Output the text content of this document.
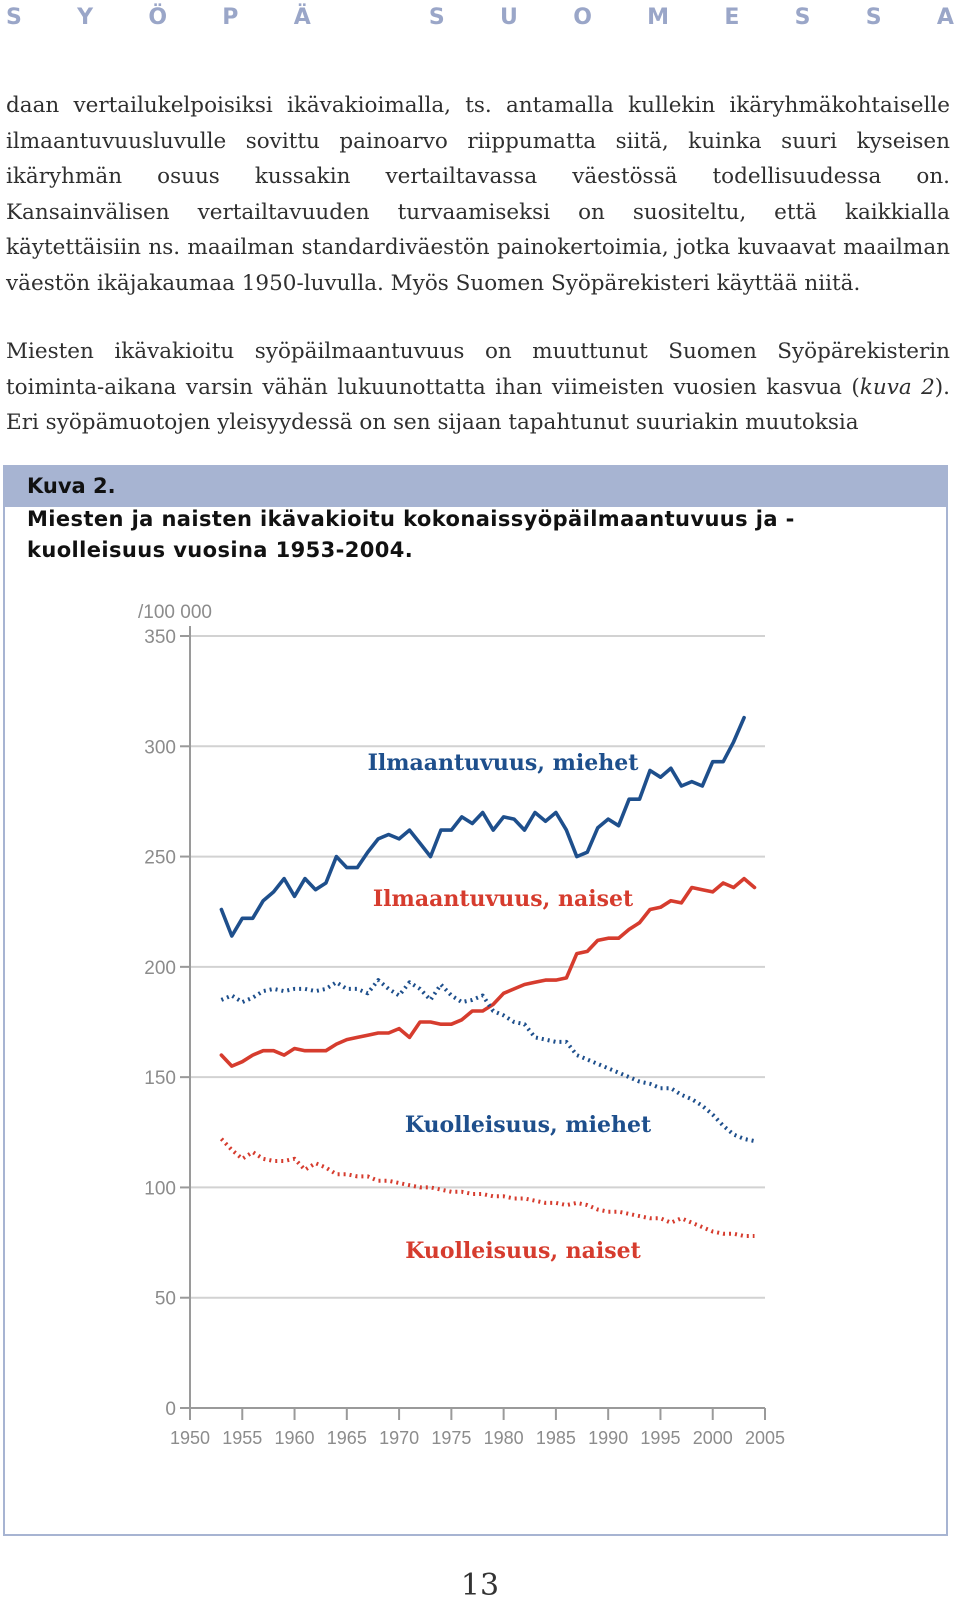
S	Y	Ö	P	Ä
	S	U	O	M	E	S	S	A

daan vertailukelpoisiksi ikävakioimalla, ts. antamalla kullekin ikäryhmäkohtaiselle ilmaantuvuusluvulle sovittu painoarvo riippumatta siitä, kuinka suuri kyseisen ikäryhmän osuus kussakin vertailtavassa väestössä todellisuudessa on. Kansainvälisen vertailtavuuden turvaamiseksi on suositeltu, että kaikkialla käytettäisiin ns. maailman standardiväestön painokertoimia, jotka kuvaavat maailman väestön ikäjakaumaa 1950-luvulla. Myös Suomen Syöpärekisteri käyttää niitä.

Miesten ikävakioitu syöpäilmaantuvuus on muuttunut Suomen Syöpärekisterin toiminta-aikana varsin vähän lukuunottatta ihan viimeisten vuosien kasvua (kuva 2). Eri syöpämuotojen yleisyydessä on sen sijaan tapahtunut suuriakin muutoksia

Kuva 2.
Miesten ja naisten ikävakioitu kokonaissyöpäilmaantuvuus ja -kuolleisuus vuosina 1953-2004.
0
50
100
150
200
250
300
350
/100 000
1950 1955 1960 1965 1970 1975 1980 1985 1990 1995 2000 2005
Ilmaantuvuus, miehet
Ilmaantuvuus, naiset
Kuolleisuus, miehet
Kuolleisuus, naiset
13
